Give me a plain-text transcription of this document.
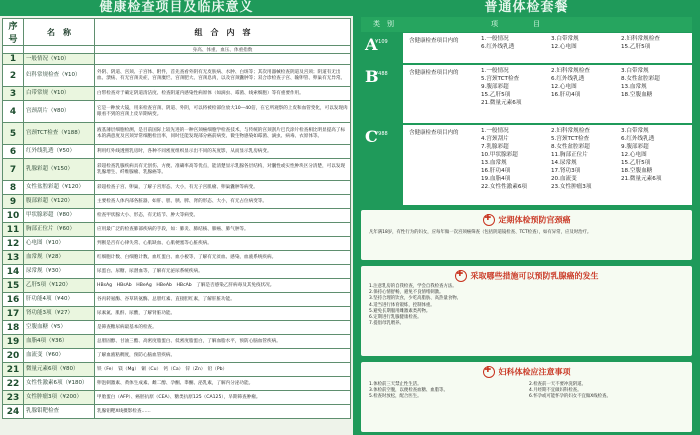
健康检查项目及临床意义
序号	名　称	组　合　内　容
		身高、体重、血压、体重指数
1	一般情况（¥10）	
2	妇科常规检查（¥10）	外阴、阴道、宫颈、子宫体、附件，首先查看外阴有无皮肤病、水肿、白斑等；其次用器械检查阴道及宫颈；阴道有无出血、溃疡、有无宫颈炎症，宫颈糜烂、宫颈肥大、宫颈息肉，以及宫颈囊肿等；双合诊检查子宫、输卵管、卵巢有无异常。
3	白带常规（¥10）	白带检查对于确定阴道清洁度、检查阴道内感染性病原体（如滴虫、霉菌、线索细胞）等有重要作用。
4	宫颈刮片（¥80）	它是一种放大镜，用来检查宫颈、阴道、外阴，可以将被检部位放大10—40倍，在它所观察的上皮和血管变化，可以发现肉眼看不到的宫颈上皮早期病变。
5	宫颈TCT检查（¥188）	液基薄层细胞检测，是目前国际上较先进的一种宫颈癌细胞学检查技术，与传统的宫颈刮片巴氏涂片检查相比明显提高了标本的满意度及宫颈异常细胞检出率，同时还能发现部分癌前病变、微生物感染如霉菌、滴虫、病毒、衣原体等。
6	红外线乳透（¥50）	利用红外线透照乳房时，各种不同密度组织显示出不同的灰度影，从而显示乳房病变。
7	乳腺彩超（¥150）	彩超检查乳腺疾病具有无创伤、方便、准确率高等优点，能清楚显示乳腺各层结构，对囊性或实性肿块区分清楚，可以发现乳腺增生、纤维腺瘤、乳腺癌等。
8	女性盆腔彩超（¥120）	彩超检查子宫、卵巢，了解子宫形态、大小，有无子宫肌瘤、卵巢囊肿等病变。
9	腹部彩超（¥120）	主要检查人体内部各脏器，如肝、胆、胰、脾、肾的形态、大小，有无占位病变等。
10	甲状腺彩超（¥80）	检查甲状腺大小、形态，有无结节、肿大等病变。
11	胸部正位片（¥60）	应用最广泛的检查肺部疾病的手段，如：肺炎、肺结核、肺癌、肺气肿等。
12	心电图（¥10）	判断是否有心律失常、心肌缺血、心肌梗塞等心脏疾病。
13	血常规（¥28）	红细胞计数、白细胞计数、血红蛋白、血小板等，了解有无贫血、感染、血液系统疾病。
14	尿常规（¥30）	尿蛋白、尿糖、尿潜血等，了解有无泌尿系统疾病。
15	乙肝5项（¥120）	HBsAg　HBsAb　HBeAg　HBeAb　HBcAb　了解是否感染乙肝病毒及其免疫状况。
16	肝功能4项（¥40）	谷丙转氨酶、谷草转氨酶、总胆红素、直接胆红素，了解肝脏功能。
17	肾功能3项（¥27）	尿素氮、肌酐、尿酸，了解肾脏功能。
18	空腹血糖（¥5）	是筛查糖尿病最基本的检查。
19	血脂4项（¥36）	总胆固醇、甘油三酯、高密度脂蛋白、低密度脂蛋白，了解血脂水平，预防心脑血管疾病。
20	血流变（¥60）	了解血液粘稠度，预防心脑血管疾病。
21	微量元素6项（¥80）	铁（Fe）　镁（Mg）　铜（Cu）　钙（Ca）　锌（Zn）　铅（Pb）
22	女性性激素6项（¥180）	卵泡刺激素、黄体生成素、雌二醇、孕酮、睾酮、泌乳素，了解内分泌功能。
23	女性肿瘤3项（¥200）	甲胎蛋白（AFP）、癌胚抗原（CEA）、糖类抗原125（CA125），早期筛查肿瘤。
24	乳腺钼靶检查	乳腺钼靶X线摄影检查……
普通体检套餐
类　别	项　目
A
¥109	含健康检查项目内的	1.一般情况	3.白带常规	2.妇科常规检查
6.红外线乳透	12.心电图	15.乙肝5项
B
¥488	含健康检查项目内的	1.一般情况	2.妇科常规检查	3.白带常规
5.宫颈TCT检查	6.红外线乳透	8.女性盆腔彩超
9.腹部彩超	12.心电图	13.血常规
15.乙肝5项	16.肝功4项	18.空腹血糖
21.微量元素6项
C
¥988	含健康检查项目内的	1.一般情况	2.妇科常规检查	3.白带常规
4.宫颈刮片	5.宫颈TCT检查	6.红外线乳透
7.乳腺彩超	8.女性盆腔彩超	9.腹部彩超
10.甲状腺彩超	11.胸部正位片	12.心电图
13.血常规	14.尿常规	15.乙肝5项
16.肝功4项	17.肾功3项	18.空腹血糖
19.血脂4项	20.血流变	21.微量元素6项
22.女性性激素6项	23.女性肿瘤3项
✚定期体检预防宫颈癌
凡年满18岁，有性行为的妇女，应每年做一次宫颈癌筛查（包括阴道镜检查、TCT检查），如有异常，应及时治疗。
✚采取哪些措施可以预防乳腺癌的发生
1.注意乳房的自我检查，学会自我检查方法。
2.保持心情舒畅，避免不良情绪刺激。
3.坚持合理的饮食，少吃高脂肪、高热量食物。
4.适当进行体育锻炼，控制体重。
5.避免长期服用雌激素类药物。
6.定期进行乳腺健康检查。
7.提倡母乳喂养。
✚妇科体检应注意事项
1.体检前三天禁止性生活。	2.检查前一天不要冲洗阴道。
3.体检前空腹，以便检查血糖、血脂等。	4.月经期不宜做妇科检查。
5.检查时放松，配合医生。	6.怀孕或可能怀孕的妇女不宜做X线检查。
